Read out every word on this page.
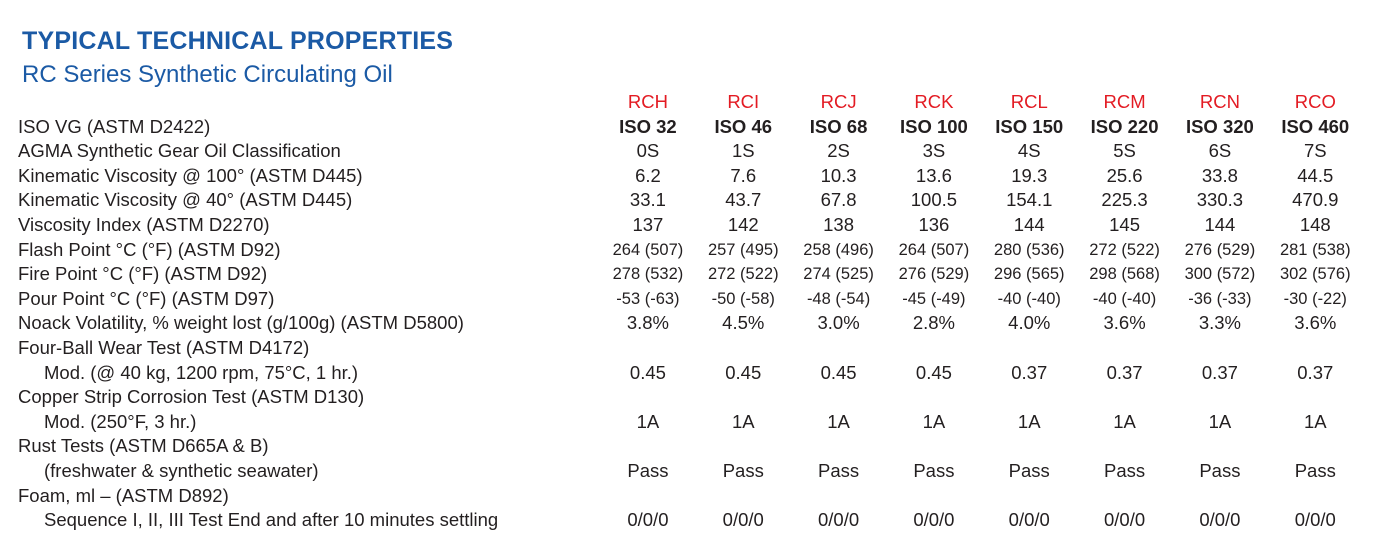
TYPICAL TECHNICAL PROPERTIES
RC Series Synthetic Circulating Oil
	RCH	RCI	RCJ	RCK	RCL	RCM	RCN	RCO
ISO VG (ASTM D2422)	ISO 32	ISO 46	ISO 68	ISO 100	ISO 150	ISO 220	ISO 320	ISO 460
AGMA Synthetic Gear Oil Classification	0S	1S	2S	3S	4S	5S	6S	7S
Kinematic Viscosity @ 100° (ASTM D445)	6.2	7.6	10.3	13.6	19.3	25.6	33.8	44.5
Kinematic Viscosity @ 40° (ASTM D445)	33.1	43.7	67.8	100.5	154.1	225.3	330.3	470.9
Viscosity Index (ASTM D2270)	137	142	138	136	144	145	144	148
Flash Point °C (°F) (ASTM D92)	264 (507)	257 (495)	258 (496)	264 (507)	280 (536)	272 (522)	276 (529)	281 (538)
Fire Point °C (°F) (ASTM D92)	278 (532)	272 (522)	274 (525)	276 (529)	296 (565)	298 (568)	300 (572)	302 (576)
Pour Point °C (°F) (ASTM D97)	-53 (-63)	-50 (-58)	-48 (-54)	-45 (-49)	-40 (-40)	-40 (-40)	-36 (-33)	-30 (-22)
Noack Volatility, % weight lost (g/100g) (ASTM D5800)	3.8%	4.5%	3.0%	2.8%	4.0%	3.6%	3.3%	3.6%
Four-Ball Wear Test (ASTM D4172)								
Mod. (@ 40 kg, 1200 rpm, 75°C, 1 hr.)	0.45	0.45	0.45	0.45	0.37	0.37	0.37	0.37
Copper Strip Corrosion Test (ASTM D130)								
Mod. (250°F, 3 hr.)	1A	1A	1A	1A	1A	1A	1A	1A
Rust Tests (ASTM D665A & B)								
(freshwater & synthetic seawater)	Pass	Pass	Pass	Pass	Pass	Pass	Pass	Pass
Foam, ml – (ASTM D892)								
Sequence I, II, III Test End and after 10 minutes settling	0/0/0	0/0/0	0/0/0	0/0/0	0/0/0	0/0/0	0/0/0	0/0/0
